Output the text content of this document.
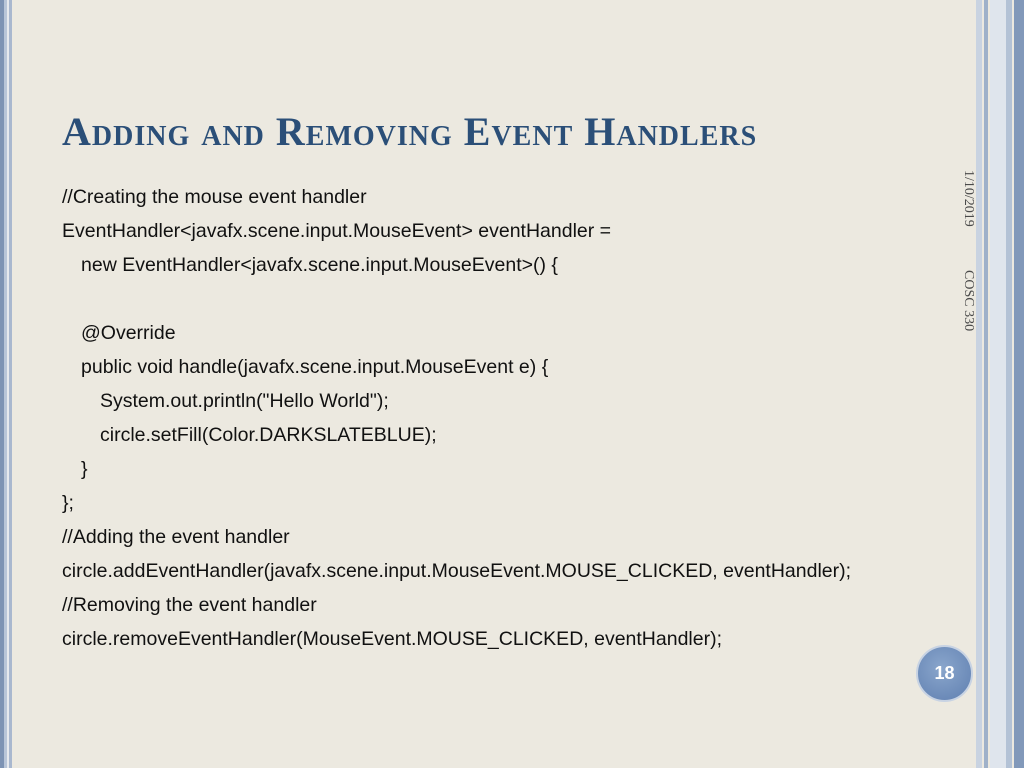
Adding and Removing Event Handlers
1/10/2019
COSC 330

//Creating the mouse event handler

EventHandler<javafx.scene.input.MouseEvent> eventHandler =

new EventHandler<javafx.scene.input.MouseEvent>() {

@Override

public void handle(javafx.scene.input.MouseEvent e) {

System.out.println("Hello World");

circle.setFill(Color.DARKSLATEBLUE);

}

};

//Adding the event handler

circle.addEventHandler(javafx.scene.input.MouseEvent.MOUSE_CLICKED, eventHandler);

//Removing the event handler

circle.removeEventHandler(MouseEvent.MOUSE_CLICKED, eventHandler);

18
